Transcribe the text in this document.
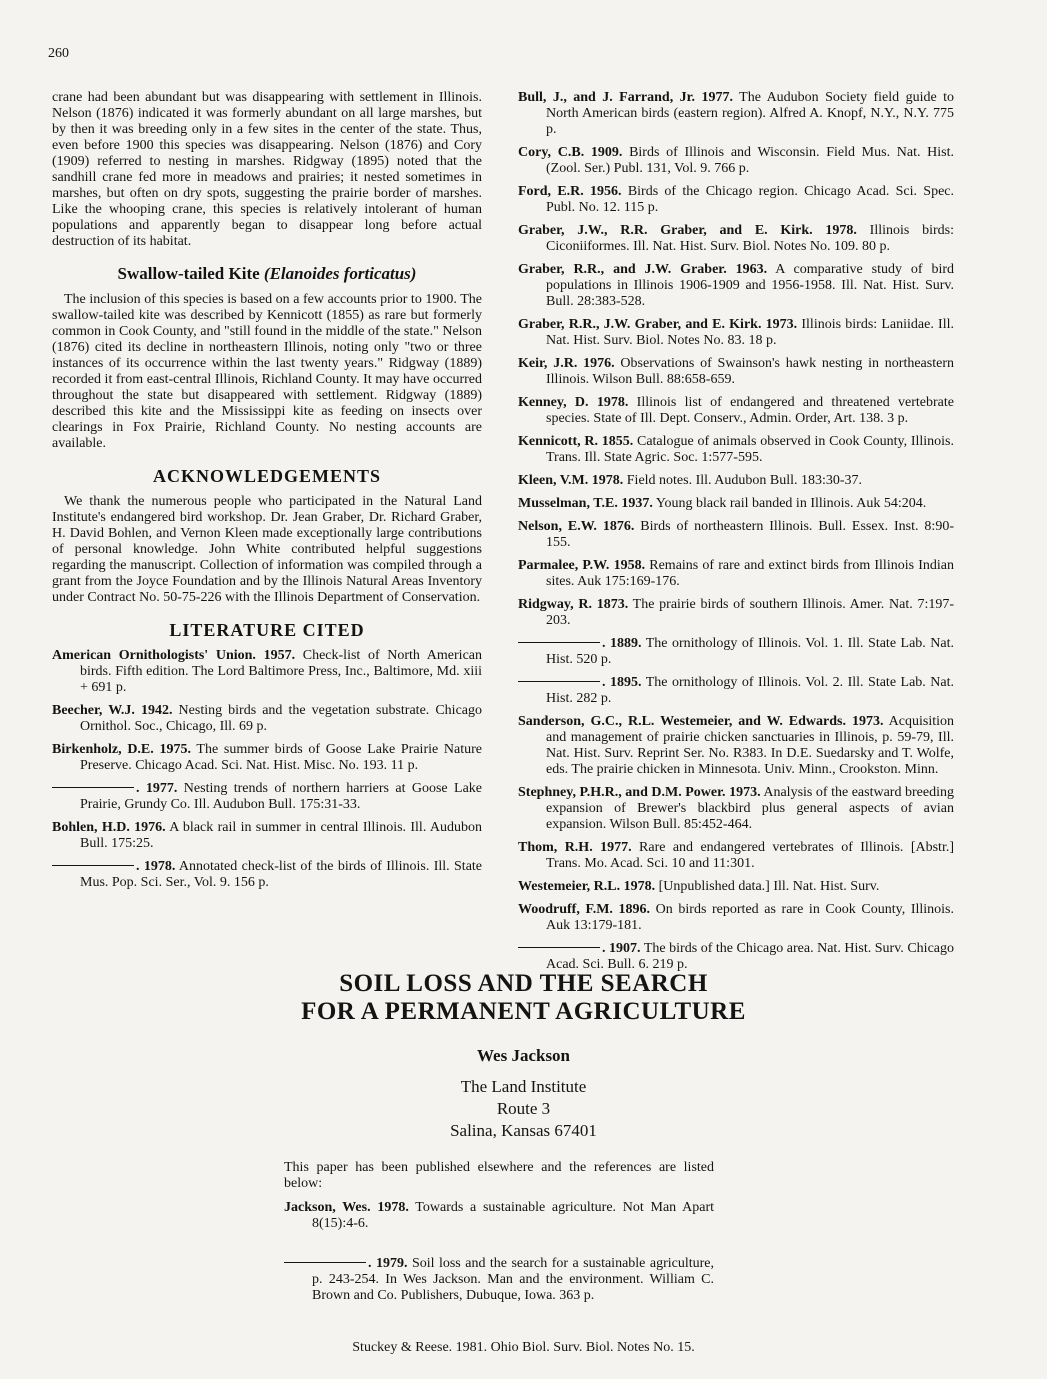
260

crane had been abundant but was disappearing with settlement in Illinois. Nelson (1876) indicated it was formerly abundant on all large marshes, but by then it was breeding only in a few sites in the center of the state. Thus, even before 1900 this species was disappearing. Nelson (1876) and Cory (1909) referred to nesting in marshes. Ridgway (1895) noted that the sandhill crane fed more in meadows and prairies; it nested sometimes in marshes, but often on dry spots, suggesting the prairie border of marshes. Like the whooping crane, this species is relatively intolerant of human populations and apparently began to disappear long before actual destruction of its habitat.

Swallow-tailed Kite (Elanoides forticatus)

The inclusion of this species is based on a few accounts prior to 1900. The swallow-tailed kite was described by Kennicott (1855) as rare but formerly common in Cook County, and "still found in the middle of the state." Nelson (1876) cited its decline in northeastern Illinois, noting only "two or three instances of its occurrence within the last twenty years." Ridgway (1889) recorded it from east-central Illinois, Richland County. It may have occurred throughout the state but disappeared with settlement. Ridgway (1889) described this kite and the Mississippi kite as feeding on insects over clearings in Fox Prairie, Richland County. No nesting accounts are available.

ACKNOWLEDGEMENTS

We thank the numerous people who participated in the Natural Land Institute's endangered bird workshop. Dr. Jean Graber, Dr. Richard Graber, H. David Bohlen, and Vernon Kleen made exceptionally large contributions of personal knowledge. John White contributed helpful suggestions regarding the manuscript. Collection of information was compiled through a grant from the Joyce Foundation and by the Illinois Natural Areas Inventory under Contract No. 50-75-226 with the Illinois Department of Conservation.

LITERATURE CITED
American Ornithologists' Union. 1957. Check-list of North American birds. Fifth edition. The Lord Baltimore Press, Inc., Baltimore, Md. xiii + 691 p.
Beecher, W.J. 1942. Nesting birds and the vegetation substrate. Chicago Ornithol. Soc., Chicago, Ill. 69 p.
Birkenholz, D.E. 1975. The summer birds of Goose Lake Prairie Nature Preserve. Chicago Acad. Sci. Nat. Hist. Misc. No. 193. 11 p.
. 1977. Nesting trends of northern harriers at Goose Lake Prairie, Grundy Co. Ill. Audubon Bull. 175:31-33.
Bohlen, H.D. 1976. A black rail in summer in central Illinois. Ill. Audubon Bull. 175:25.
. 1978. Annotated check-list of the birds of Illinois. Ill. State Mus. Pop. Sci. Ser., Vol. 9. 156 p.
Bull, J., and J. Farrand, Jr. 1977. The Audubon Society field guide to North American birds (eastern region). Alfred A. Knopf, N.Y., N.Y. 775 p.
Cory, C.B. 1909. Birds of Illinois and Wisconsin. Field Mus. Nat. Hist. (Zool. Ser.) Publ. 131, Vol. 9. 766 p.
Ford, E.R. 1956. Birds of the Chicago region. Chicago Acad. Sci. Spec. Publ. No. 12. 115 p.
Graber, J.W., R.R. Graber, and E. Kirk. 1978. Illinois birds: Ciconiiformes. Ill. Nat. Hist. Surv. Biol. Notes No. 109. 80 p.
Graber, R.R., and J.W. Graber. 1963. A comparative study of bird populations in Illinois 1906-1909 and 1956-1958. Ill. Nat. Hist. Surv. Bull. 28:383-528.
Graber, R.R., J.W. Graber, and E. Kirk. 1973. Illinois birds: Laniidae. Ill. Nat. Hist. Surv. Biol. Notes No. 83. 18 p.
Keir, J.R. 1976. Observations of Swainson's hawk nesting in northeastern Illinois. Wilson Bull. 88:658-659.
Kenney, D. 1978. Illinois list of endangered and threatened vertebrate species. State of Ill. Dept. Conserv., Admin. Order, Art. 138. 3 p.
Kennicott, R. 1855. Catalogue of animals observed in Cook County, Illinois. Trans. Ill. State Agric. Soc. 1:577-595.
Kleen, V.M. 1978. Field notes. Ill. Audubon Bull. 183:30-37.
Musselman, T.E. 1937. Young black rail banded in Illinois. Auk 54:204.
Nelson, E.W. 1876. Birds of northeastern Illinois. Bull. Essex. Inst. 8:90-155.
Parmalee, P.W. 1958. Remains of rare and extinct birds from Illinois Indian sites. Auk 175:169-176.
Ridgway, R. 1873. The prairie birds of southern Illinois. Amer. Nat. 7:197-203.
. 1889. The ornithology of Illinois. Vol. 1. Ill. State Lab. Nat. Hist. 520 p.
. 1895. The ornithology of Illinois. Vol. 2. Ill. State Lab. Nat. Hist. 282 p.
Sanderson, G.C., R.L. Westemeier, and W. Edwards. 1973. Acquisition and management of prairie chicken sanctuaries in Illinois, p. 59-79, Ill. Nat. Hist. Surv. Reprint Ser. No. R383. In D.E. Suedarsky and T. Wolfe, eds. The prairie chicken in Minnesota. Univ. Minn., Crookston. Minn.
Stephney, P.H.R., and D.M. Power. 1973. Analysis of the eastward breeding expansion of Brewer's blackbird plus general aspects of avian expansion. Wilson Bull. 85:452-464.
Thom, R.H. 1977. Rare and endangered vertebrates of Illinois. [Abstr.] Trans. Mo. Acad. Sci. 10 and 11:301.
Westemeier, R.L. 1978. [Unpublished data.] Ill. Nat. Hist. Surv.
Woodruff, F.M. 1896. On birds reported as rare in Cook County, Illinois. Auk 13:179-181.
. 1907. The birds of the Chicago area. Nat. Hist. Surv. Chicago Acad. Sci. Bull. 6. 219 p.
SOIL LOSS AND THE SEARCH
FOR A PERMANENT AGRICULTURE
Wes Jackson
The Land Institute
Route 3
Salina, Kansas 67401

This paper has been published elsewhere and the references are listed below:

Jackson, Wes. 1978. Towards a sustainable agriculture. Not Man Apart 8(15):4-6.
. 1979. Soil loss and the search for a sustainable agriculture, p. 243-254. In Wes Jackson. Man and the environment. William C. Brown and Co. Publishers, Dubuque, Iowa. 363 p.
Stuckey & Reese. 1981. Ohio Biol. Surv. Biol. Notes No. 15.
